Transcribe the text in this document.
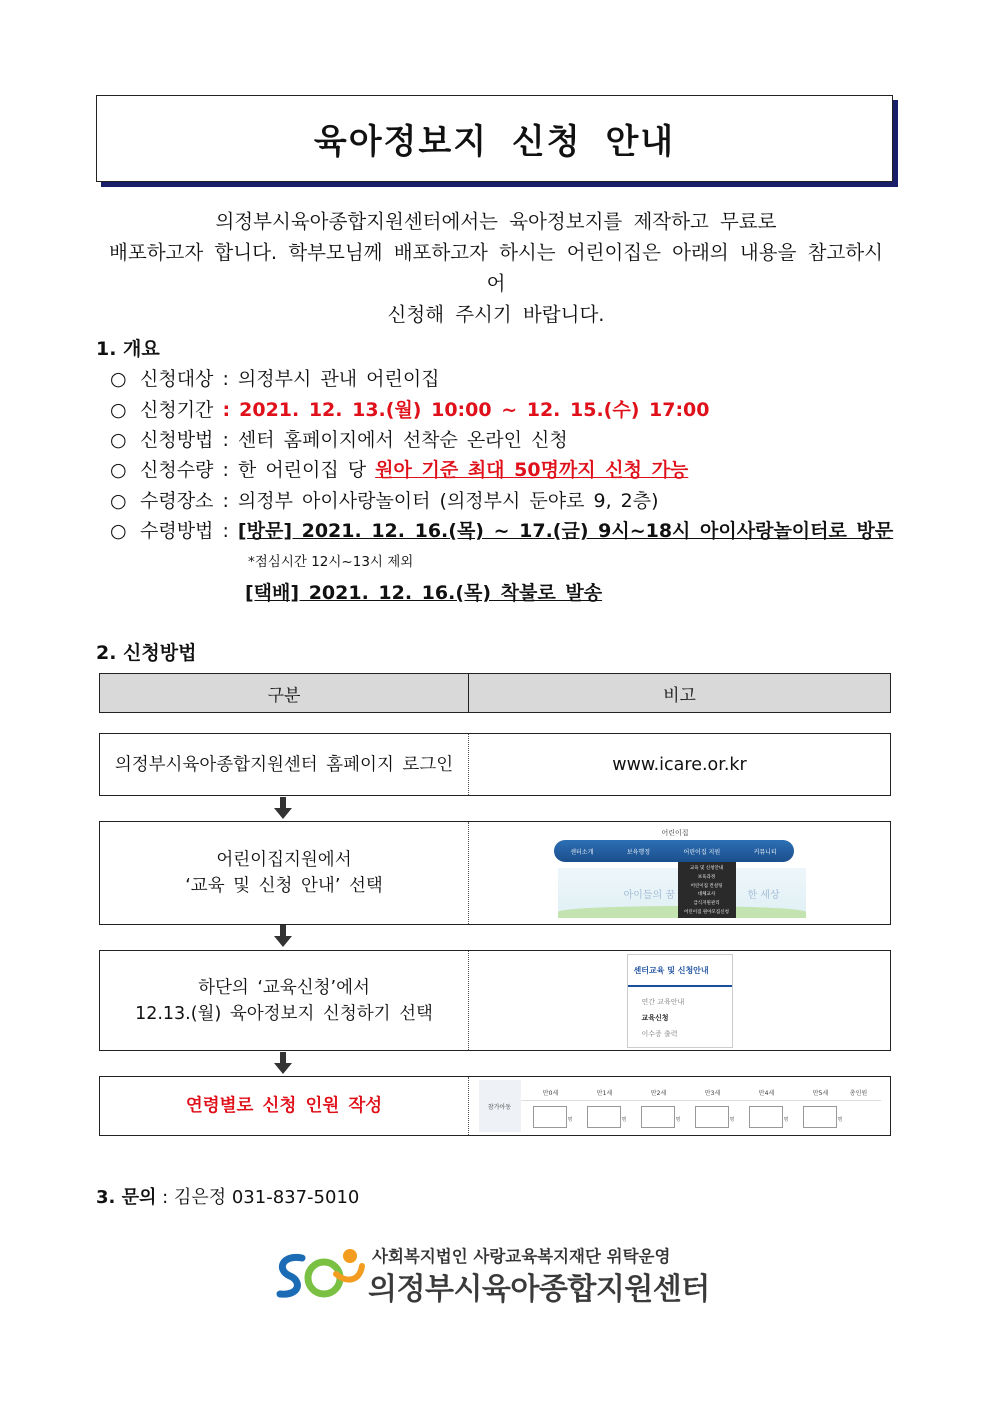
육아정보지 신청 안내
의정부시육아종합지원센터에서는 육아정보지를 제작하고 무료로
배포하고자 합니다. 학부모님께 배포하고자 하시는 어린이집은 아래의 내용을 참고하시어
신청해 주시기 바랍니다.
1. 개요
○ 신청대상 : 의정부시 관내 어린이집
○ 신청기간 : 2021. 12. 13.(월) 10:00 ~ 12. 15.(수) 17:00
○ 신청방법 : 센터 홈페이지에서 선착순 온라인 신청
○ 신청수량 : 한 어린이집 당 원아 기준 최대 50명까지 신청 가능
○ 수령장소 : 의정부 아이사랑놀이터 (의정부시 둔야로 9, 2층)
○ 수령방법 : [방문] 2021. 12. 16.(목) ~ 17.(금) 9시~18시 아이사랑놀이터로 방문
*점심시간 12시~13시 제외
[택배] 2021. 12. 16.(목) 착불로 발송
2. 신청방법
구분	비고
의정부시육아종합지원센터 홈페이지 로그인	www.icare.or.kr
어린이집지원에서
‘교육 및 신청 안내’ 선택
어린이집
센터소개	보육행정	어린이집 지원	커뮤니티
아이들의 꿈	한 세상
교육 및 신청안내
보육과정
어린이집 컨설팅
대체교사
급식지원관리
어린이집 원아모집신청
하단의 ‘교육신청’에서
12.13.(월) 육아정보지 신청하기 선택
센터교육 및 신청안내
연간 교육안내
교육신청
이수증 출력
연령별로 신청 인원 작성	참가아동
만0세
명
만1세
명
만2세
명
만3세
명
만4세
명
만5세
명
총인원
3. 문의 : 김은정 031-837-5010
사회복지법인 사랑교육복지재단 위탁운영
의정부시육아종합지원센터
